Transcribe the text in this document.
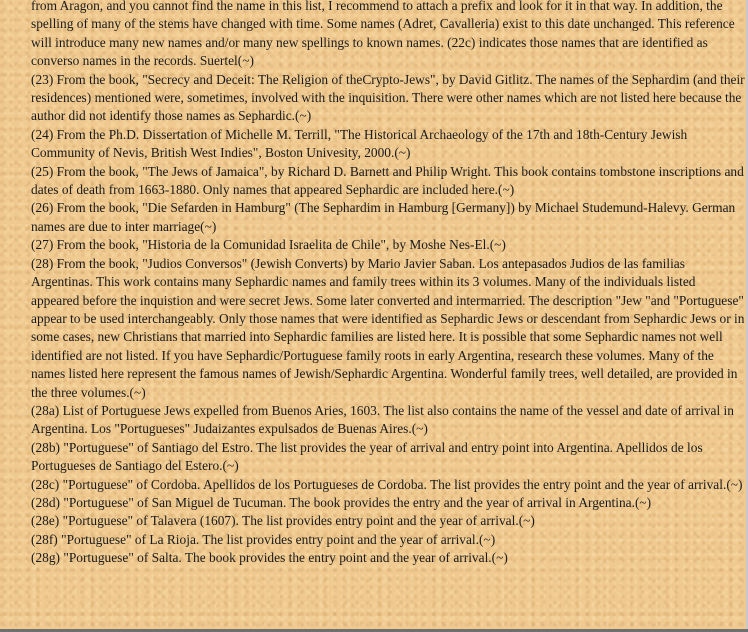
from Aragon, and you cannot find the name in this list, I recommend to attach a prefix and look for it in that way. In addition, the spelling of many of the stems have changed with time. Some names (Adret, Cavalleria) exist to this date unchanged. This reference will introduce many new names and/or many new spellings to known names. (22c) indicates those names that are identified as converso names in the records. Suertel(~)

(23) From the book, "Secrecy and Deceit: The Religion of theCrypto-Jews", by David Gitlitz. The names of the Sephardim (and their residences) mentioned were, sometimes, involved with the inquisition. There were other names which are not listed here because the author did not identify those names as Sephardic.(~)

(24) From the Ph.D. Dissertation of Michelle M. Terrill, "The Historical Archaeology of the 17th and 18th-Century Jewish Community of Nevis, British West Indies", Boston Univesity, 2000.(~)

(25) From the book, "The Jews of Jamaica", by Richard D. Barnett and Philip Wright. This book contains tombstone inscriptions and dates of death from 1663-1880. Only names that appeared Sephardic are included here.(~)

(26) From the book, "Die Sefarden in Hamburg" (The Sephardim in Hamburg [Germany]) by Michael Studemund-Halevy. German names are due to inter marriage(~)

(27) From the book, "Historia de la Comunidad Israelita de Chile", by Moshe Nes-El.(~)

(28) From the book, "Judios Conversos" (Jewish Converts) by Mario Javier Saban. Los antepasados Judios de las familias Argentinas. This work contains many Sephardic names and family trees within its 3 volumes. Many of the individuals listed appeared before the inquistion and were secret Jews. Some later converted and intermarried. The description "Jew "and "Portuguese" appear to be used interchangeably. Only those names that were identified as Sephardic Jews or descendant from Sephardic Jews or in some cases, new Christians that married into Sephardic families are listed here. It is possible that some Sephardic names not well identified are not listed. If you have Sephardic/Portuguese family roots in early Argentina, research these volumes. Many of the names listed here represent the famous names of Jewish/Sephardic Argentina. Wonderful family trees, well detailed, are provided in the three volumes.(~)

(28a) List of Portuguese Jews expelled from Buenos Aries, 1603. The list also contains the name of the vessel and date of arrival in Argentina. Los "Portugueses" Judaizantes expulsados de Buenas Aires.(~)

(28b) "Portuguese" of Santiago del Estro. The list provides the year of arrival and entry point into Argentina. Apellidos de los Portugueses de Santiago del Estero.(~)

(28c) "Portuguese" of Cordoba. Apellidos de los Portugueses de Cordoba. The list provides the entry point and the year of arrival.(~)

(28d) "Portuguese" of San Miguel de Tucuman. The book provides the entry and the year of arrival in Argentina.(~)

(28e) "Portuguese" of Talavera (1607). The list provides entry point and the year of arrival.(~)

(28f) "Portuguese" of La Rioja. The list provides entry point and the year of arrival.(~)

(28g) "Portuguese" of Salta. The book provides the entry point and the year of arrival.(~)
